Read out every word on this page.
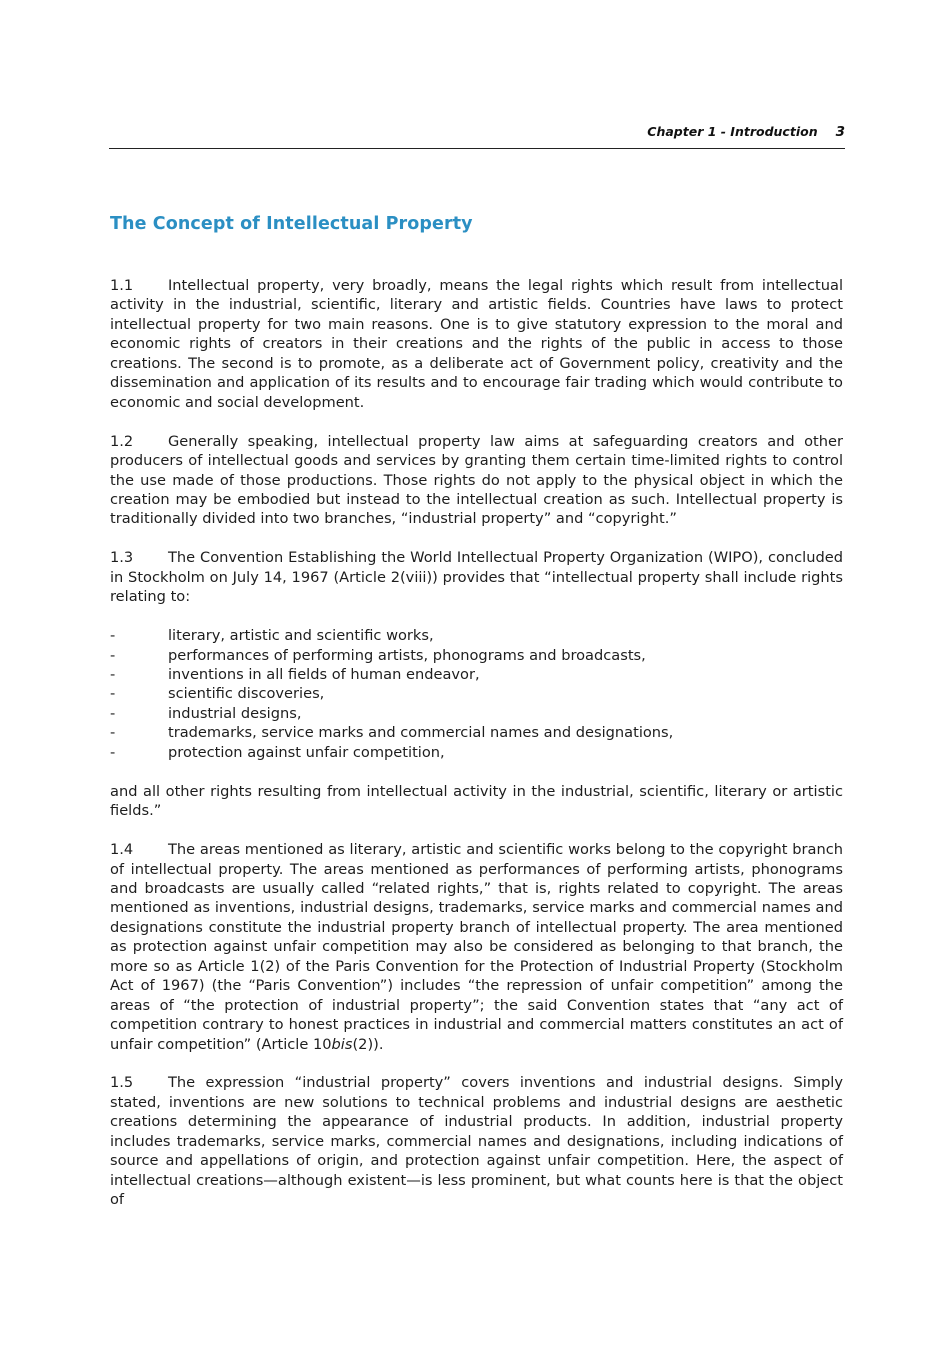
Chapter 1 - Introduction 3
The Concept of Intellectual Property

1.1 Intellectual property, very broadly, means the legal rights which result from intellectual activity in the industrial, scientific, literary and artistic fields. Countries have laws to protect intellectual property for two main reasons. One is to give statutory expression to the moral and economic rights of creators in their creations and the rights of the public in access to those creations. The second is to promote, as a deliberate act of Government policy, creativity and the dissemination and application of its results and to encourage fair trading which would contribute to economic and social development.

1.2 Generally speaking, intellectual property law aims at safeguarding creators and other producers of intellectual goods and services by granting them certain time-limited rights to control the use made of those productions. Those rights do not apply to the physical object in which the creation may be embodied but instead to the intellectual creation as such. Intellectual property is traditionally divided into two branches, “industrial property” and “copyright.”

1.3 The Convention Establishing the World Intellectual Property Organization (WIPO), concluded in Stockholm on July 14, 1967 (Article 2(viii)) provides that “intellectual property shall include rights relating to:

-	literary, artistic and scientific works,
-	performances of performing artists, phonograms and broadcasts,
-	inventions in all fields of human endeavor,
-	scientific discoveries,
-	industrial designs,
-	trademarks, service marks and commercial names and designations,
-	protection against unfair competition,

and all other rights resulting from intellectual activity in the industrial, scientific, literary or artistic fields.”

1.4 The areas mentioned as literary, artistic and scientific works belong to the copyright branch of intellectual property. The areas mentioned as performances of performing artists, phonograms and broadcasts are usually called “related rights,” that is, rights related to copyright. The areas mentioned as inventions, industrial designs, trademarks, service marks and commercial names and designations constitute the industrial property branch of intellectual property. The area mentioned as protection against unfair competition may also be considered as belonging to that branch, the more so as Article 1(2) of the Paris Convention for the Protection of Industrial Property (Stockholm Act of 1967) (the “Paris Convention”) includes “the repression of unfair competition” among the areas of “the protection of industrial property”; the said Convention states that “any act of competition contrary to honest practices in industrial and commercial matters constitutes an act of unfair competition” (Article 10bis(2)).

1.5 The expression “industrial property” covers inventions and industrial designs. Simply stated, inventions are new solutions to technical problems and industrial designs are aesthetic creations determining the appearance of industrial products. In addition, industrial property includes trademarks, service marks, commercial names and designations, including indications of source and appellations of origin, and protection against unfair competition. Here, the aspect of intellectual creations—although existent—is less prominent, but what counts here is that the object of
